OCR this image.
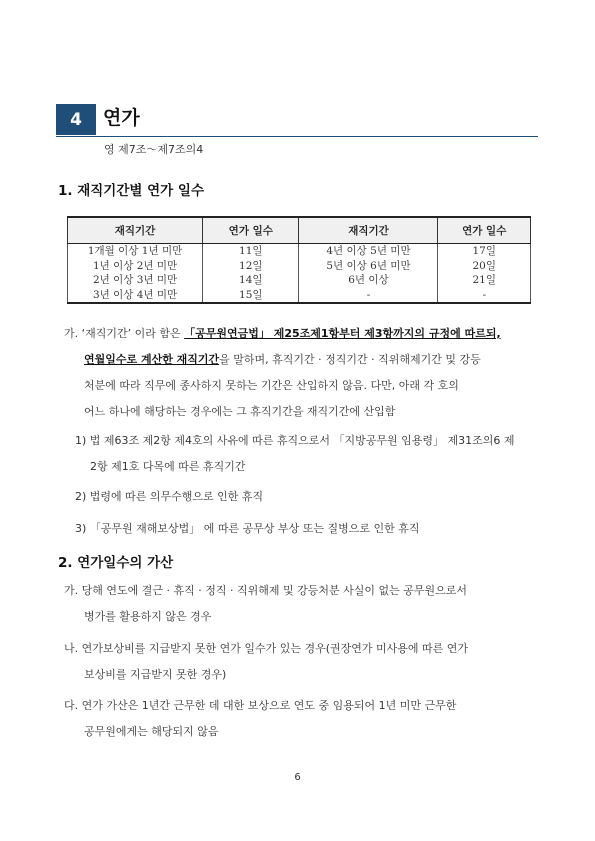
4	연가
영 제7조～제7조의4
1. 재직기간별 연가 일수
재직기간	연가 일수	재직기간	연가 일수
1개월 이상 1년 미만	11일	4년 이상 5년 미만	17일
1년 이상 2년 미만	12일	5년 이상 6년 미만	20일
2년 이상 3년 미만	14일	6년 이상	21일
3년 이상 4년 미만	15일	-	-
가. ‘재직기간’ 이라 함은 「공무원연금법」 제25조제1항부터 제3항까지의 규정에 따르되,
연월일수로 계산한 재직기간을 말하며, 휴직기간 · 정직기간 · 직위해제기간 및 강등
처분에 따라 직무에 종사하지 못하는 기간은 산입하지 않음. 다만, 아래 각 호의
어느 하나에 해당하는 경우에는 그 휴직기간을 재직기간에 산입함
1) 법 제63조 제2항 제4호의 사유에 따른 휴직으로서 「지방공무원 임용령」 제31조의6 제
2항 제1호 다목에 따른 휴직기간
2) 법령에 따른 의무수행으로 인한 휴직
3) 「공무원 재해보상법」 에 따른 공무상 부상 또는 질병으로 인한 휴직
2. 연가일수의 가산
가. 당해 연도에 결근 · 휴직 · 정직 · 직위해제 및 강등처분 사실이 없는 공무원으로서
병가를 활용하지 않은 경우
나. 연가보상비를 지급받지 못한 연가 일수가 있는 경우(권장연가 미사용에 따른 연가
보상비를 지급받지 못한 경우)
다. 연가 가산은 1년간 근무한 데 대한 보상으로 연도 중 임용되어 1년 미만 근무한
공무원에게는 해당되지 않음
6
